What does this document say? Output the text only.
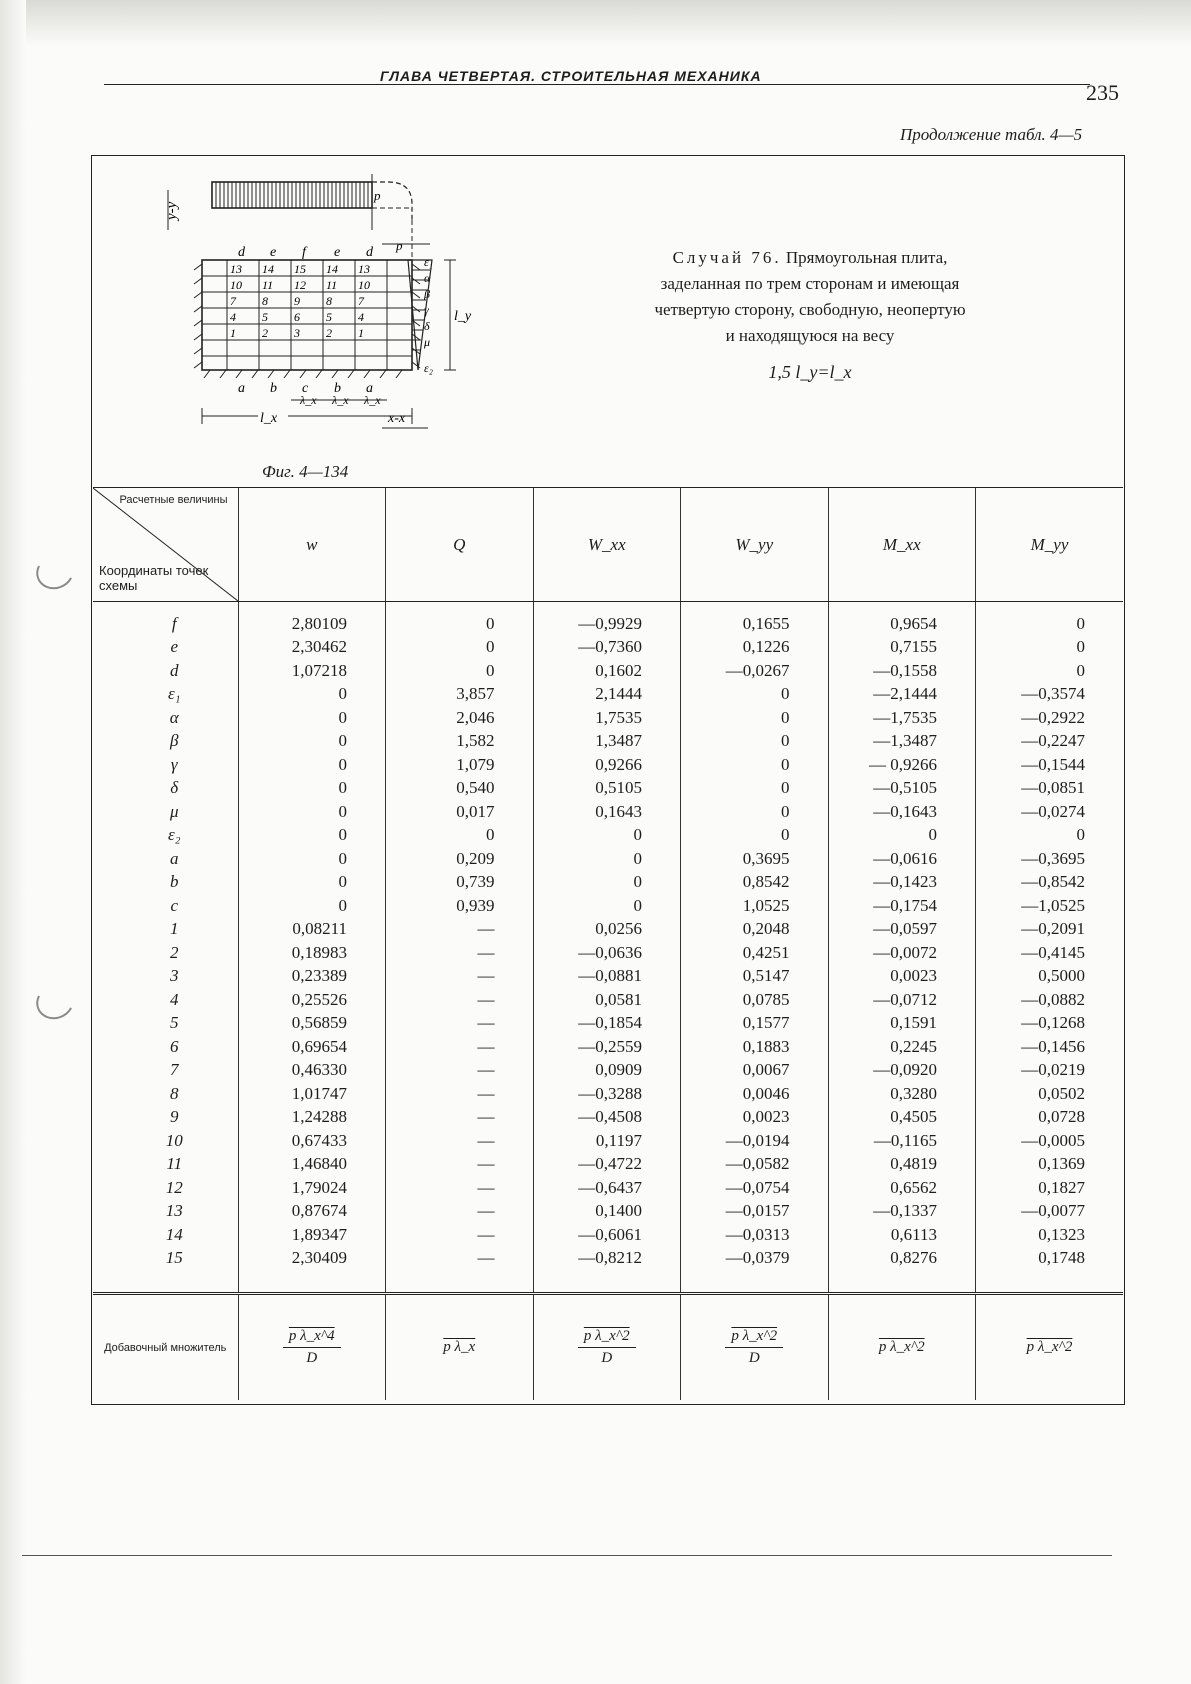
ГЛАВА ЧЕТВЕРТАЯ. СТРОИТЕЛЬНАЯ МЕХАНИКА
235
Продолжение табл. 4—5
p
y-y
d e f e d
13 14 15 14 13
10 11 12 11 10
7 8 9 8 7
4 5 6 5 4
1 2 3 2 1
ε₁
α
β
γ
δ
μ
ε₂
a b c b a
λ_x λ_x λ_x
l_x
p
l_y
x-x
Фиг. 4—134
Случай 76. Прямоугольная плита,
заделанная по трем сторонам и имеющая
четвертую сторону, свободную, неопертую
и находящуюся на весу
1,5 l_y=l_x
Расчетные величины
Координаты точек схемы	w	Q	W_xx	W_yy	M_xx	M_yy

f	2,80109	0	—0,9929	0,1655	0,9654	0
e	2,30462	0	—0,7360	0,1226	0,7155	0
d	1,07218	0	0,1602	—0,0267	—0,1558	0
ε₁	0	3,857	2,1444	0	—2,1444	—0,3574
α	0	2,046	1,7535	0	—1,7535	—0,2922
β	0	1,582	1,3487	0	—1,3487	—0,2247
γ	0	1,079	0,9266	0	— 0,9266	—0,1544
δ	0	0,540	0,5105	0	—0,5105	—0,0851
μ	0	0,017	0,1643	0	—0,1643	—0,0274
ε₂	0	0	0	0	0	0
a	0	0,209	0	0,3695	—0,0616	—0,3695
b	0	0,739	0	0,8542	—0,1423	—0,8542
c	0	0,939	0	1,0525	—0,1754	—1,0525
1	0,08211	—	0,0256	0,2048	—0,0597	—0,2091
2	0,18983	—	—0,0636	0,4251	—0,0072	—0,4145
3	0,23389	—	—0,0881	0,5147	0,0023	0,5000
4	0,25526	—	0,0581	0,0785	—0,0712	—0,0882
5	0,56859	—	—0,1854	0,1577	0,1591	—0,1268
6	0,69654	—	—0,2559	0,1883	0,2245	—0,1456
7	0,46330	—	0,0909	0,0067	—0,0920	—0,0219
8	1,01747	—	—0,3288	0,0046	0,3280	0,0502
9	1,24288	—	—0,4508	0,0023	0,4505	0,0728
10	0,67433	—	0,1197	—0,0194	—0,1165	—0,0005
11	1,46840	—	—0,4722	—0,0582	0,4819	0,1369
12	1,79024	—	—0,6437	—0,0754	0,6562	0,1827
13	0,87674	—	0,1400	—0,0157	—0,1337	—0,0077
14	1,89347	—	—0,6061	—0,0313	0,6113	0,1323
15	2,30409	—	—0,8212	—0,0379	0,8276	0,1748

Добавочный множитель	$\frac{\text{p λ\_x\textasciicircum{}4}}{D}$	p λ_x	$\frac{\text{p λ\_x\textasciicircum{}2}}{D}$	$\frac{\text{p λ\_x\textasciicircum{}2}}{D}$	p λ_x^2	p λ_x^2
